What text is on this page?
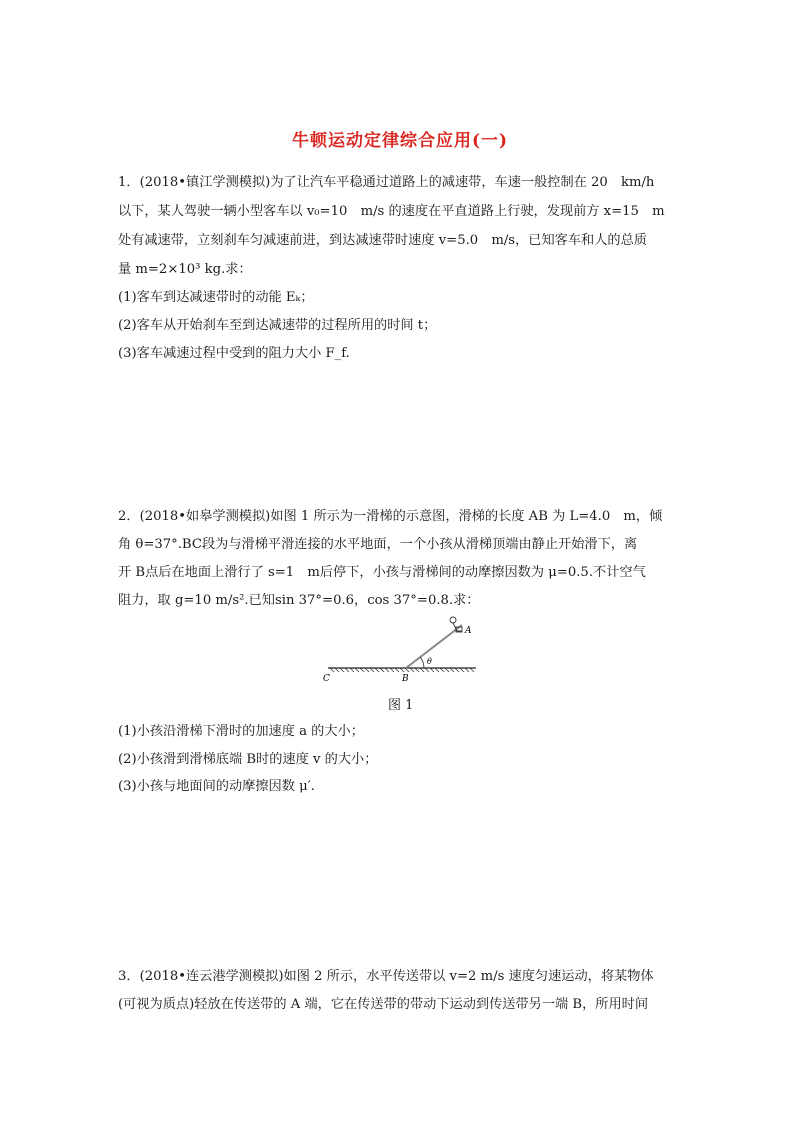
牛顿运动定律综合应用(一)
1．(2018•镇江学测模拟)为了让汽车平稳通过道路上的减速带，车速一般控制在 20　km/h
以下，某人驾驶一辆小型客车以 v₀=10　m/s 的速度在平直道路上行驶，发现前方 x=15　m
处有减速带，立刻刹车匀减速前进，到达减速带时速度 v=5.0　m/s，已知客车和人的总质
量 m=2×10³ kg.求：
(1)客车到达减速带时的动能 Eₖ；
(2)客车从开始刹车至到达减速带的过程所用的时间 t；
(3)客车减速过程中受到的阻力大小 F_f.
2．(2018•如皋学测模拟)如图 1 所示为一滑梯的示意图，滑梯的长度 AB 为 L=4.0　m，倾
角 θ=37°.BC段为与滑梯平滑连接的水平地面，一个小孩从滑梯顶端由静止开始滑下，离
开 B点后在地面上滑行了 s=1　m后停下，小孩与滑梯间的动摩擦因数为 μ=0.5.不计空气
阻力，取 g=10 m/s².已知sin 37°=0.6，cos 37°=0.8.求：
A
B
C
θ
图 1
(1)小孩沿滑梯下滑时的加速度 a 的大小；
(2)小孩滑到滑梯底端 B时的速度 v 的大小；
(3)小孩与地面间的动摩擦因数 μ′.
3．(2018•连云港学测模拟)如图 2 所示，水平传送带以 v=2 m/s 速度匀速运动，将某物体
(可视为质点)轻放在传送带的 A 端，它在传送带的带动下运动到传送带另一端 B，所用时间
